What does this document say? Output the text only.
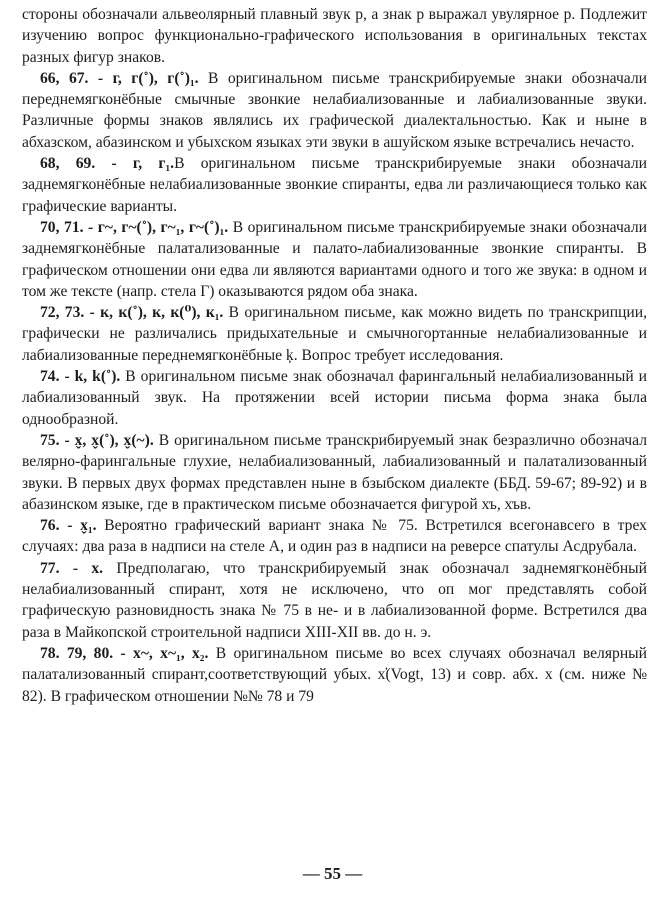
стороны обозначали альвеолярный плавный звук р, а знак р выражал увулярное р. Подлежит изучению вопрос функционально-графического использования в оригинальных текстах разных фигур знаков.

66, 67. - г, г(˚), г(˚)₁. В оригинальном письме транскрибируемые знаки обозначали переднемягконёбные смычные звонкие нелабиализованные и лабиализованные звуки. Различные формы знаков являлись их графической диалектальностью. Как и ныне в абхазском, абазинском и убыхском языках эти звуки в ашуйском языке встречались нечасто.

68, 69. - г, г₁.В оригинальном письме транскрибируемые знаки обозначали заднемягконёбные нелабиализованные звонкие спиранты, едва ли различающиеся только как графические варианты.

70, 71. - г~, г~(˚), г~₁, г~(˚)₁. В оригинальном письме транскрибируемые знаки обозначали заднемягконёбные палатализованные и палато-лабиализованные звонкие спиранты. В графическом отношении они едва ли являются вариантами одного и того же звука: в одном и том же тексте (напр. стела Г) оказываются рядом оба знака.

72, 73. - к, к(˚), к, к(⁰), к₁. В оригинальном письме, как можно видеть по транскрипции, графически не различались придыхательные и смычногортанные нелабиализованные и лабиализованные переднемягконёбные ķ. Вопрос требует исследования.

74. - k, k(˚). В оригинальном письме знак обозначал фарингальный нелабиализованный и лабиализованный звук. На протяжении всей истории письма форма знака была однообразной.

75. - x̬, x̬(˚), x̬(~). В оригинальном письме транскрибируемый знак безразлично обозначал велярно-фарингальные глухие, нелабиализованный, лабиализованный и палатализованный звуки. В первых двух формах представлен ныне в бзыбском диалекте (ББД. 59-67; 89-92) и в абазинском языке, где в практическом письме обозначается фигурой хъ, хъв.

76. - x̬₁. Вероятно графический вариант знака № 75. Встретился всегонавсего в трех случаях: два раза в надписи на стеле А, и один раз в надписи на реверсе спатулы Асдрубала.

77. - x. Предполагаю, что транскрибируемый знак обозначал заднемягконёбный нелабиализованный спирант, хотя не исключено, что оп мог представлять собой графическую разновидность знака № 75 в не- и в лабиализованной форме. Встретился два раза в Майкопской строительной надписи XIII-XII вв. до н. э.

78. 79, 80. - x~, x~₁, x₂. В оригинальном письме во всех случаях обозначал велярный палатализованный спирант,соответствующий убых. x̕(Vogt, 13) и совр. абх. x (см. ниже № 82). В графическом отношении №№ 78 и 79

— 55 —
